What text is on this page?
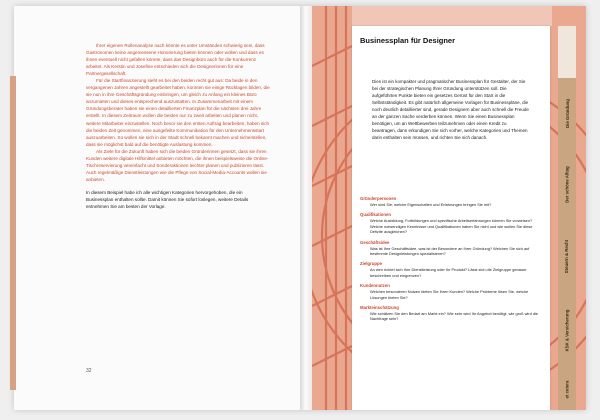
Ihrer eigenen Rollenanalyse nach könnte es unter Umständen schwierig sein, dass Gastronomen keine angemessene Honorierung bieten können oder wollen und dass es ihnen eventuell nicht gefallen könnte, dass das Designbüro auch für die Konkurrenz arbeitet. Als Kerstin und Josefine entschieden sich die Designerinnen für eine Partnergesellschaft.

Für die Startfinanzierung sieht es bei den beiden recht gut aus: Da beide in den vergangenen Jahren angestellt gearbeitet haben, konnten sie einige Rücklagen bilden, die sie nun in ihre Geschäftsgründung einbringen, um gleich zu Anfang ein kleines Büro anzumieten und dieses entsprechend auszustatten. In Zusammenarbeit mit einem Gründungsberater haben sie einen detaillierten Finanzplan für die nächsten drei Jahre erstellt. In diesem Zeitraum wollen die beiden nur zu zweit arbeiten und planen nicht, weitere Mitarbeiter einzustellen. Noch bevor sie den ersten Auftrag bearbeiten, haben sich die beiden Zeit genommen, eine ausgefeilte Kommunikation für den Unternehmensstart auszuarbeiten. So wollen sie sich in der Stadt schnell bekannt machen und sicherstellen, dass sie möglichst bald auf die benötigte Auslastung kommen.

Als Ziele für die Zukunft haben sich die beiden Gründerinnen gesetzt, dass sie ihren Kunden weitere digitale Hilfsmittel anbieten möchten, die ihnen beispielsweise die Online-Tischreservierung vereinfacht und Sonderaktionen leichter planen und publizieren lässt. Auch regelmäßige Dienstleistungen wie die Pflege von Social-Media-Accounts wollen sie anbieten.

In diesem Beispiel habe ich alle wichtigen Kategorien hervorgehoben, die ein Businessplan enthalten sollte. Damit können Sie sofort loslegen, weitere Details entnehmen Sie am besten der Vorlage.

32
Businessplan für Designer

Dies ist ein kompakter und pragmatischer Businessplan für Gestalter, der Sie bei der strategischen Planung Ihrer Gründung unterstützen soll. Die aufgeführten Punkte bieten ein gesetzes Gerüst für den Start in die Selbstständigkeit. Es gibt natürlich allgemeine Vorlagen für Businesspläne, die noch deutlich detaillierter sind, gerade Designern aber auch schnell die Freude an der ganzen Sache verderben können. Wenn Sie einen Businessplan benötigen, um an Wettbewerben teilzunehmen oder einen Kredit zu beantragen, dann erkundigen Sie sich vorher, welche Kategorien und Themen darin enthalten sein müssen, und richten Sie sich danach.

Gründerpersonen
Wer sind Sie, welche Eigenschaften und Erfahrungen bringen Sie mit?
Qualifikationen
Welche Ausbildung, Fortbildungen und spezifische Arbeitserfahrungen können Sie vorweisen? Welche notwendigen Kenntnisse und Qualifikationen haben Sie nicht und wie wollen Sie diese Defizite ausgleichen?
Geschäftsidee
Was ist Ihre Geschäftsidee, was ist der Besondere an Ihrer Gründung? Welchen Sie sich auf bestimmte Designleistungen spezialisieren?
Zielgruppe
An wen richtet sich Ihre Dienstleistung oder Ihr Produkt? Lässt sich die Zielgruppe genauer beschreiben und eingrenzen?
Kundennutzen
Welchen besonderen Nutzen bieten Sie Ihren Kunden? Welche Probleme lösen Sie, welche Lösungen bieten Sie?
Markteinschätzung
Wie schätzen Sie den Bedarf am Markt ein? Wie sehr wird Ihr Angebot benötigt, wie groß wird die Nachfrage sein?
Die Gründung
Der schöne Alltag
Steuern & Recht
KSK & Versicherung
et cetera
